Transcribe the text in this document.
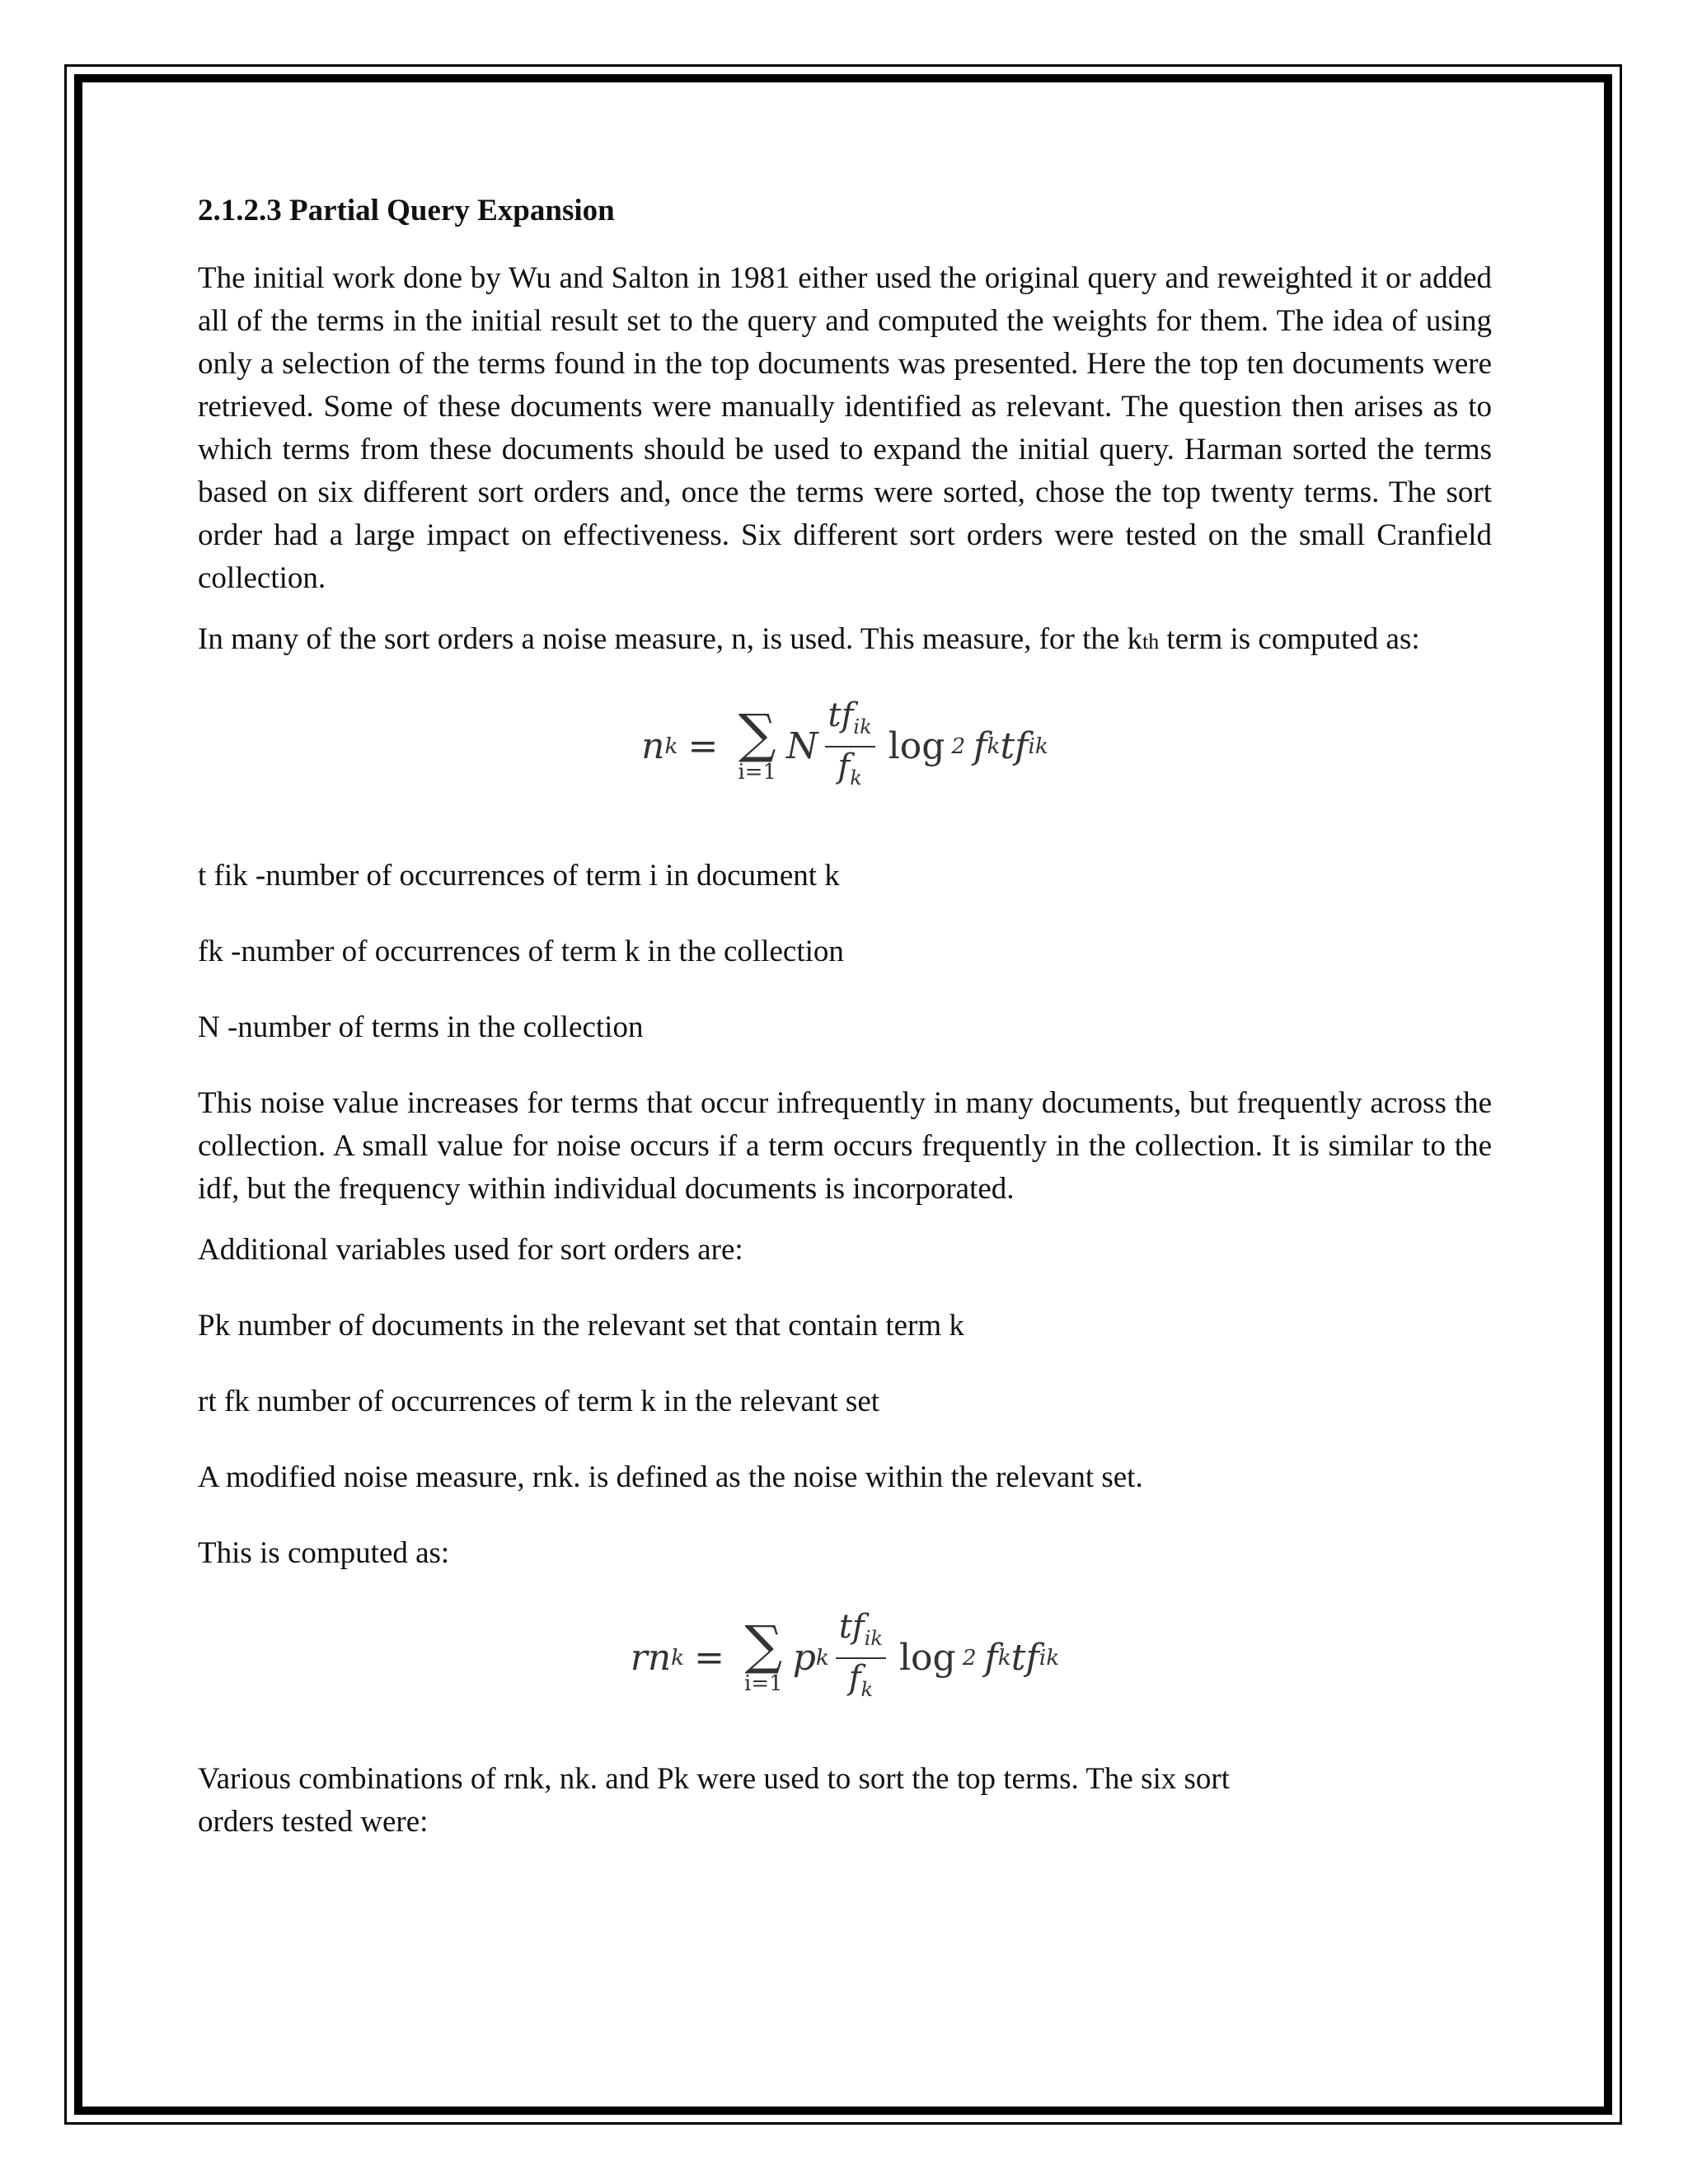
2.1.2.3 Partial Query Expansion

The initial work done by Wu and Salton in 1981 either used the original query and reweighted it or added all of the terms in the initial result set to the query and computed the weights for them. The idea of using only a selection of the terms found in the top documents was presented. Here the top ten documents were retrieved. Some of these documents were manually identified as relevant. The question then arises as to which terms from these documents should be used to expand the initial query. Harman sorted the terms based on six different sort orders and, once the terms were sorted, chose the top twenty terms. The sort order had a large impact on effectiveness. Six different sort orders were tested on the small Cranfield collection.

In many of the sort orders a noise measure, n, is used. This measure, for the kth term is computed as:

n k = ∑
i=1
N $\frac{tf_{ik}}{f_k}$ log 2 f k tf ik

t fik -number of occurrences of term i in document k

fk -number of occurrences of term k in the collection

N -number of terms in the collection

This noise value increases for terms that occur infrequently in many documents, but frequently across the collection. A small value for noise occurs if a term occurs frequently in the collection. It is similar to the idf, but the frequency within individual documents is incorporated.

Additional variables used for sort orders are:

Pk number of documents in the relevant set that contain term k

rt fk number of occurrences of term k in the relevant set

A modified noise measure, rnk. is defined as the noise within the relevant set.

This is computed as:

rn k = ∑
i=1
p k $\frac{tf_{ik}}{f_k}$ log 2 f k tf ik

Various combinations of rnk, nk. and Pk were used to sort the top terms. The six sort
orders tested were:
